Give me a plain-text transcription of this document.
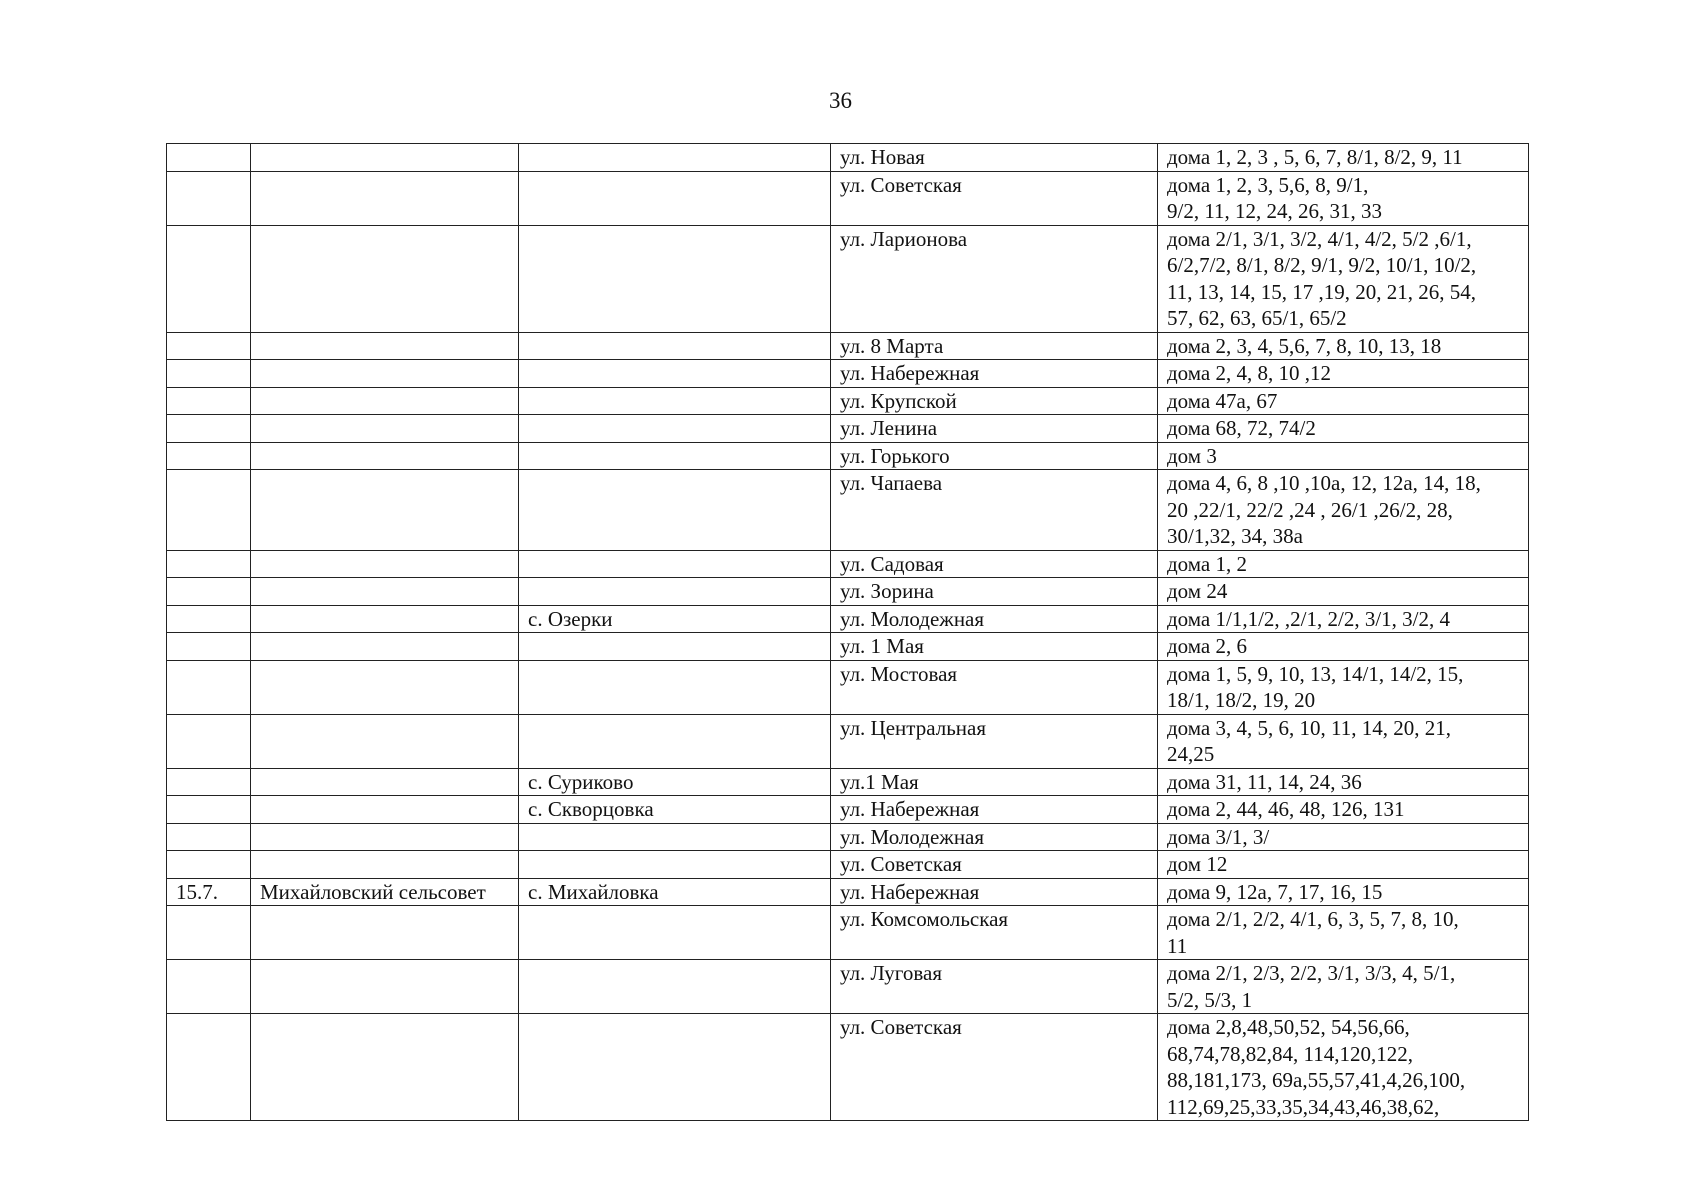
36
			ул. Новая	дома 1, 2, 3 , 5, 6, 7, 8/1, 8/2, 9, 11

			ул. Советская	дома 1, 2, 3, 5,6, 8, 9/1,
9/2, 11, 12, 24, 26, 31, 33

			ул. Ларионова	дома 2/1, 3/1, 3/2, 4/1, 4/2, 5/2 ,6/1,
6/2,7/2, 8/1, 8/2, 9/1, 9/2, 10/1, 10/2,
11, 13, 14, 15, 17 ,19, 20, 21, 26, 54,
57, 62, 63, 65/1, 65/2

			ул. 8 Марта	дома 2, 3, 4, 5,6, 7, 8, 10, 13, 18

			ул. Набережная	дома 2, 4, 8, 10 ,12

			ул. Крупской	дома 47а, 67

			ул. Ленина	дома 68, 72, 74/2

			ул. Горького	дом 3

			ул. Чапаева	дома 4, 6, 8 ,10 ,10а, 12, 12а, 14, 18,
20 ,22/1, 22/2 ,24 , 26/1 ,26/2, 28,
30/1,32, 34, 38а

			ул. Садовая	дома 1, 2

			ул. Зорина	дом 24

		с. Озерки	ул. Молодежная	дома 1/1,1/2, ,2/1, 2/2, 3/1, 3/2, 4

			ул. 1 Мая	дома 2, 6

			ул. Мостовая	дома 1, 5, 9, 10, 13, 14/1, 14/2, 15,
18/1, 18/2, 19, 20

			ул. Центральная	дома 3, 4, 5, 6, 10, 11, 14, 20, 21,
24,25

		с. Суриково	ул.1 Мая	дома 31, 11, 14, 24, 36

		с. Скворцовка	ул. Набережная	дома 2, 44, 46, 48, 126, 131

			ул. Молодежная	дома 3/1, 3/

			ул. Советская	дом 12

15.7.	Михайловский сельсовет	с. Михайловка	ул. Набережная	дома 9, 12а, 7, 17, 16, 15

			ул. Комсомольская	дома 2/1, 2/2, 4/1, 6, 3, 5, 7, 8, 10,
11

			ул. Луговая	дома 2/1, 2/3, 2/2, 3/1, 3/3, 4, 5/1,
5/2, 5/3, 1

			ул. Советская	дома 2,8,48,50,52, 54,56,66,
68,74,78,82,84, 114,120,122,
88,181,173, 69а,55,57,41,4,26,100,
112,69,25,33,35,34,43,46,38,62,
